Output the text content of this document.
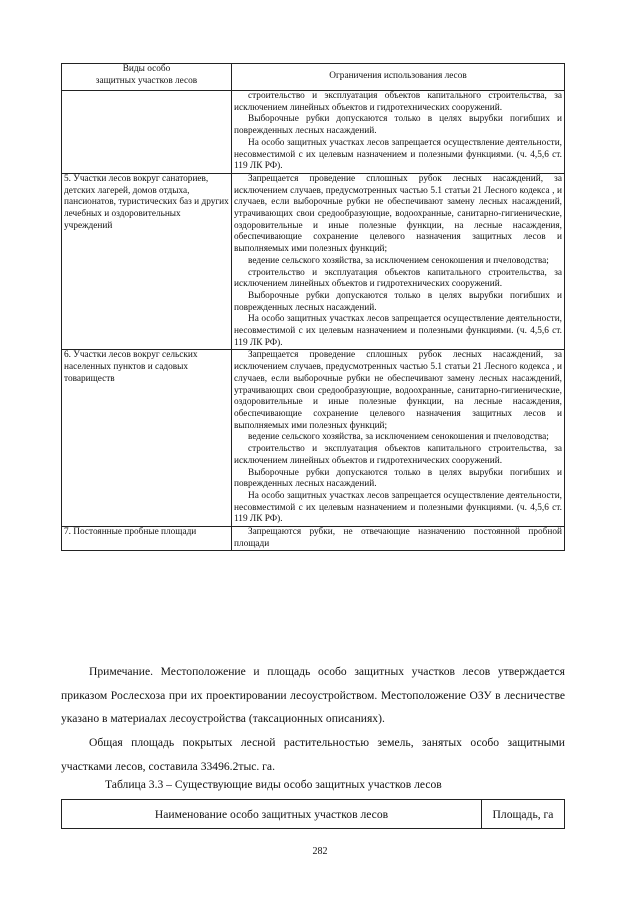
Виды особо
защитных участков лесов	Ограничения использования лесов

	строительство и эксплуатация объектов капитального строительства, за исключением линейных объектов и гидротехнических сооружений.

Выборочные рубки допускаются только в целях вырубки погибших и поврежденных лесных насаждений.

На особо защитных участках лесов запрещается осуществление деятельности, несовместимой с их целевым назначением и полезными функциями. (ч. 4,5,6 ст. 119 ЛК РФ).

5. Участки лесов вокруг санаториев, детских лагерей, домов отдыха, пансионатов, туристических баз и других лечебных и оздоровительных учреждений	Запрещается проведение сплошных рубок лесных насаждений, за исключением случаев, предусмотренных частью 5.1 статьи 21 Лесного кодекса , и случаев, если выборочные рубки не обеспечивают замену лесных насаждений, утрачивающих свои средообразующие, водоохранные, санитарно-гигиенические, оздоровительные и иные полезные функции, на лесные насаждения, обеспечивающие сохранение целевого назначения защитных лесов и выполняемых ими полезных функций;

ведение сельского хозяйства, за исключением сенокошения и пчеловодства;

строительство и эксплуатация объектов капитального строительства, за исключением линейных объектов и гидротехнических сооружений.

Выборочные рубки допускаются только в целях вырубки погибших и поврежденных лесных насаждений.

На особо защитных участках лесов запрещается осуществление деятельности, несовместимой с их целевым назначением и полезными функциями. (ч. 4,5,6 ст. 119 ЛК РФ).

6. Участки лесов вокруг сельских населенных пунктов и садовых товариществ	Запрещается проведение сплошных рубок лесных насаждений, за исключением случаев, предусмотренных частью 5.1 статьи 21 Лесного кодекса , и случаев, если выборочные рубки не обеспечивают замену лесных насаждений, утрачивающих свои средообразующие, водоохранные, санитарно-гигиенические, оздоровительные и иные полезные функции, на лесные насаждения, обеспечивающие сохранение целевого назначения защитных лесов и выполняемых ими полезных функций;

ведение сельского хозяйства, за исключением сенокошения и пчеловодства;

строительство и эксплуатация объектов капитального строительства, за исключением линейных объектов и гидротехнических сооружений.

Выборочные рубки допускаются только в целях вырубки погибших и поврежденных лесных насаждений.

На особо защитных участках лесов запрещается осуществление деятельности, несовместимой с их целевым назначением и полезными функциями. (ч. 4,5,6 ст. 119 ЛК РФ).

7. Постоянные пробные площади	Запрещаются рубки, не отвечающие назначению постоянной пробной площади

Примечание. Местоположение и площадь особо защитных участков лесов утверждается приказом Рослесхоза при их проектировании лесоустройством. Местоположение ОЗУ в лесничестве указано в материалах лесоустройства (таксационных описаниях).

Общая площадь покрытых лесной растительностью земель, занятых особо защитными участками лесов, составила 33496.2тыс. га.

Таблица 3.3 – Существующие виды особо защитных участков лесов
Наименование особо защитных участков лесов	Площадь, га
282
